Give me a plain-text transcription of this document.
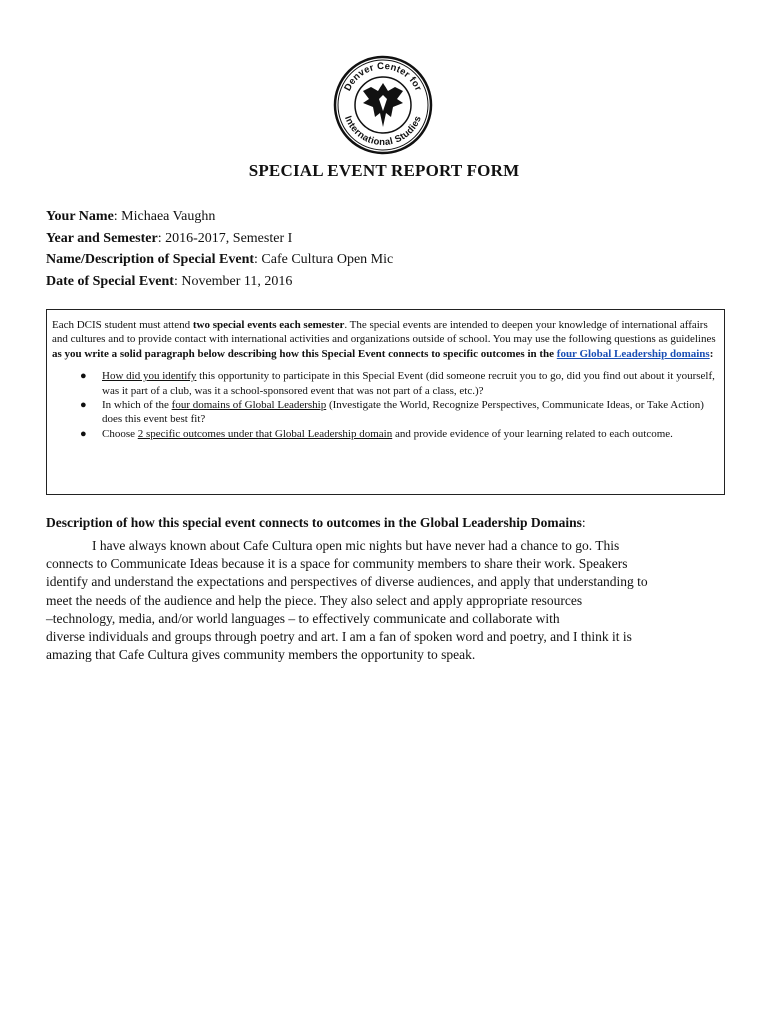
Denver Center for
International Studies
SPECIAL EVENT REPORT FORM
Your Name: Michaea Vaughn
Year and Semester: 2016-2017, Semester I
Name/Description of Special Event: Cafe Cultura Open Mic
Date of Special Event: November 11, 2016

Each DCIS student must attend two special events each semester. The special events are intended to deepen your knowledge of international affairs and cultures and to provide contact with international activities and organizations outside of school. You may use the following questions as guidelines as you write a solid paragraph below describing how this Special Event connects to specific outcomes in the four Global Leadership domains:

● How did you identify this opportunity to participate in this Special Event (did someone recruit you to go, did you find out about it yourself, was it part of a club, was it a school-sponsored event that was not part of a class, etc.)?
● In which of the four domains of Global Leadership (Investigate the World, Recognize Perspectives, Communicate Ideas, or Take Action) does this event best fit?
● Choose 2 specific outcomes under that Global Leadership domain and provide evidence of your learning related to each outcome.
Description of how this special event connects to outcomes in the Global Leadership Domains:
I have always known about Cafe Cultura open mic nights but have never had a chance to go. This
connects to Communicate Ideas because it is a space for community members to share their work. Speakers
identify and understand the expectations and perspectives of diverse audiences, and apply that understanding to
meet the needs of the audience and help the piece. They also select and apply appropriate resources
–technology, media, and/or world languages – to effectively communicate and collaborate with
diverse individuals and groups through poetry and art. I am a fan of spoken word and poetry, and I think it is
amazing that Cafe Cultura gives community members the opportunity to speak.
